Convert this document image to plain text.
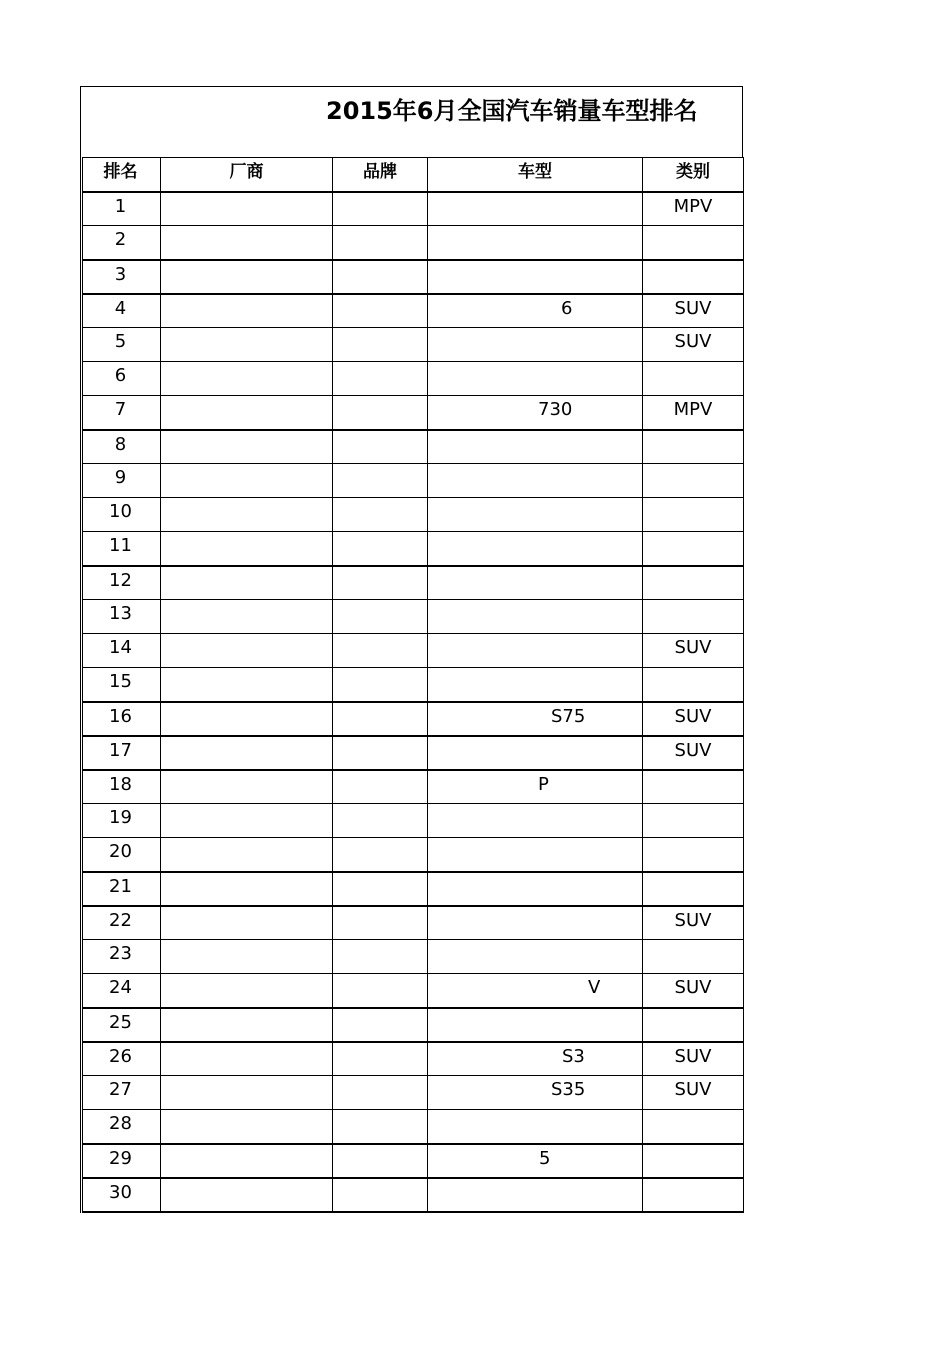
2015年6月全国汽车销量车型排名
排名	厂商	品牌	车型	类别
1				MPV
2			

3			

4			6	SUV
5				SUV
6			

7			730	MPV
8			

9			

10			

11			

12			

13			

14				SUV
15			

16			S75	SUV
17				SUV
18			P	

19			

20			

21			

22				SUV
23			

24			V	SUV
25			

26			S3	SUV
27			S35	SUV
28			

29			5	

30			
